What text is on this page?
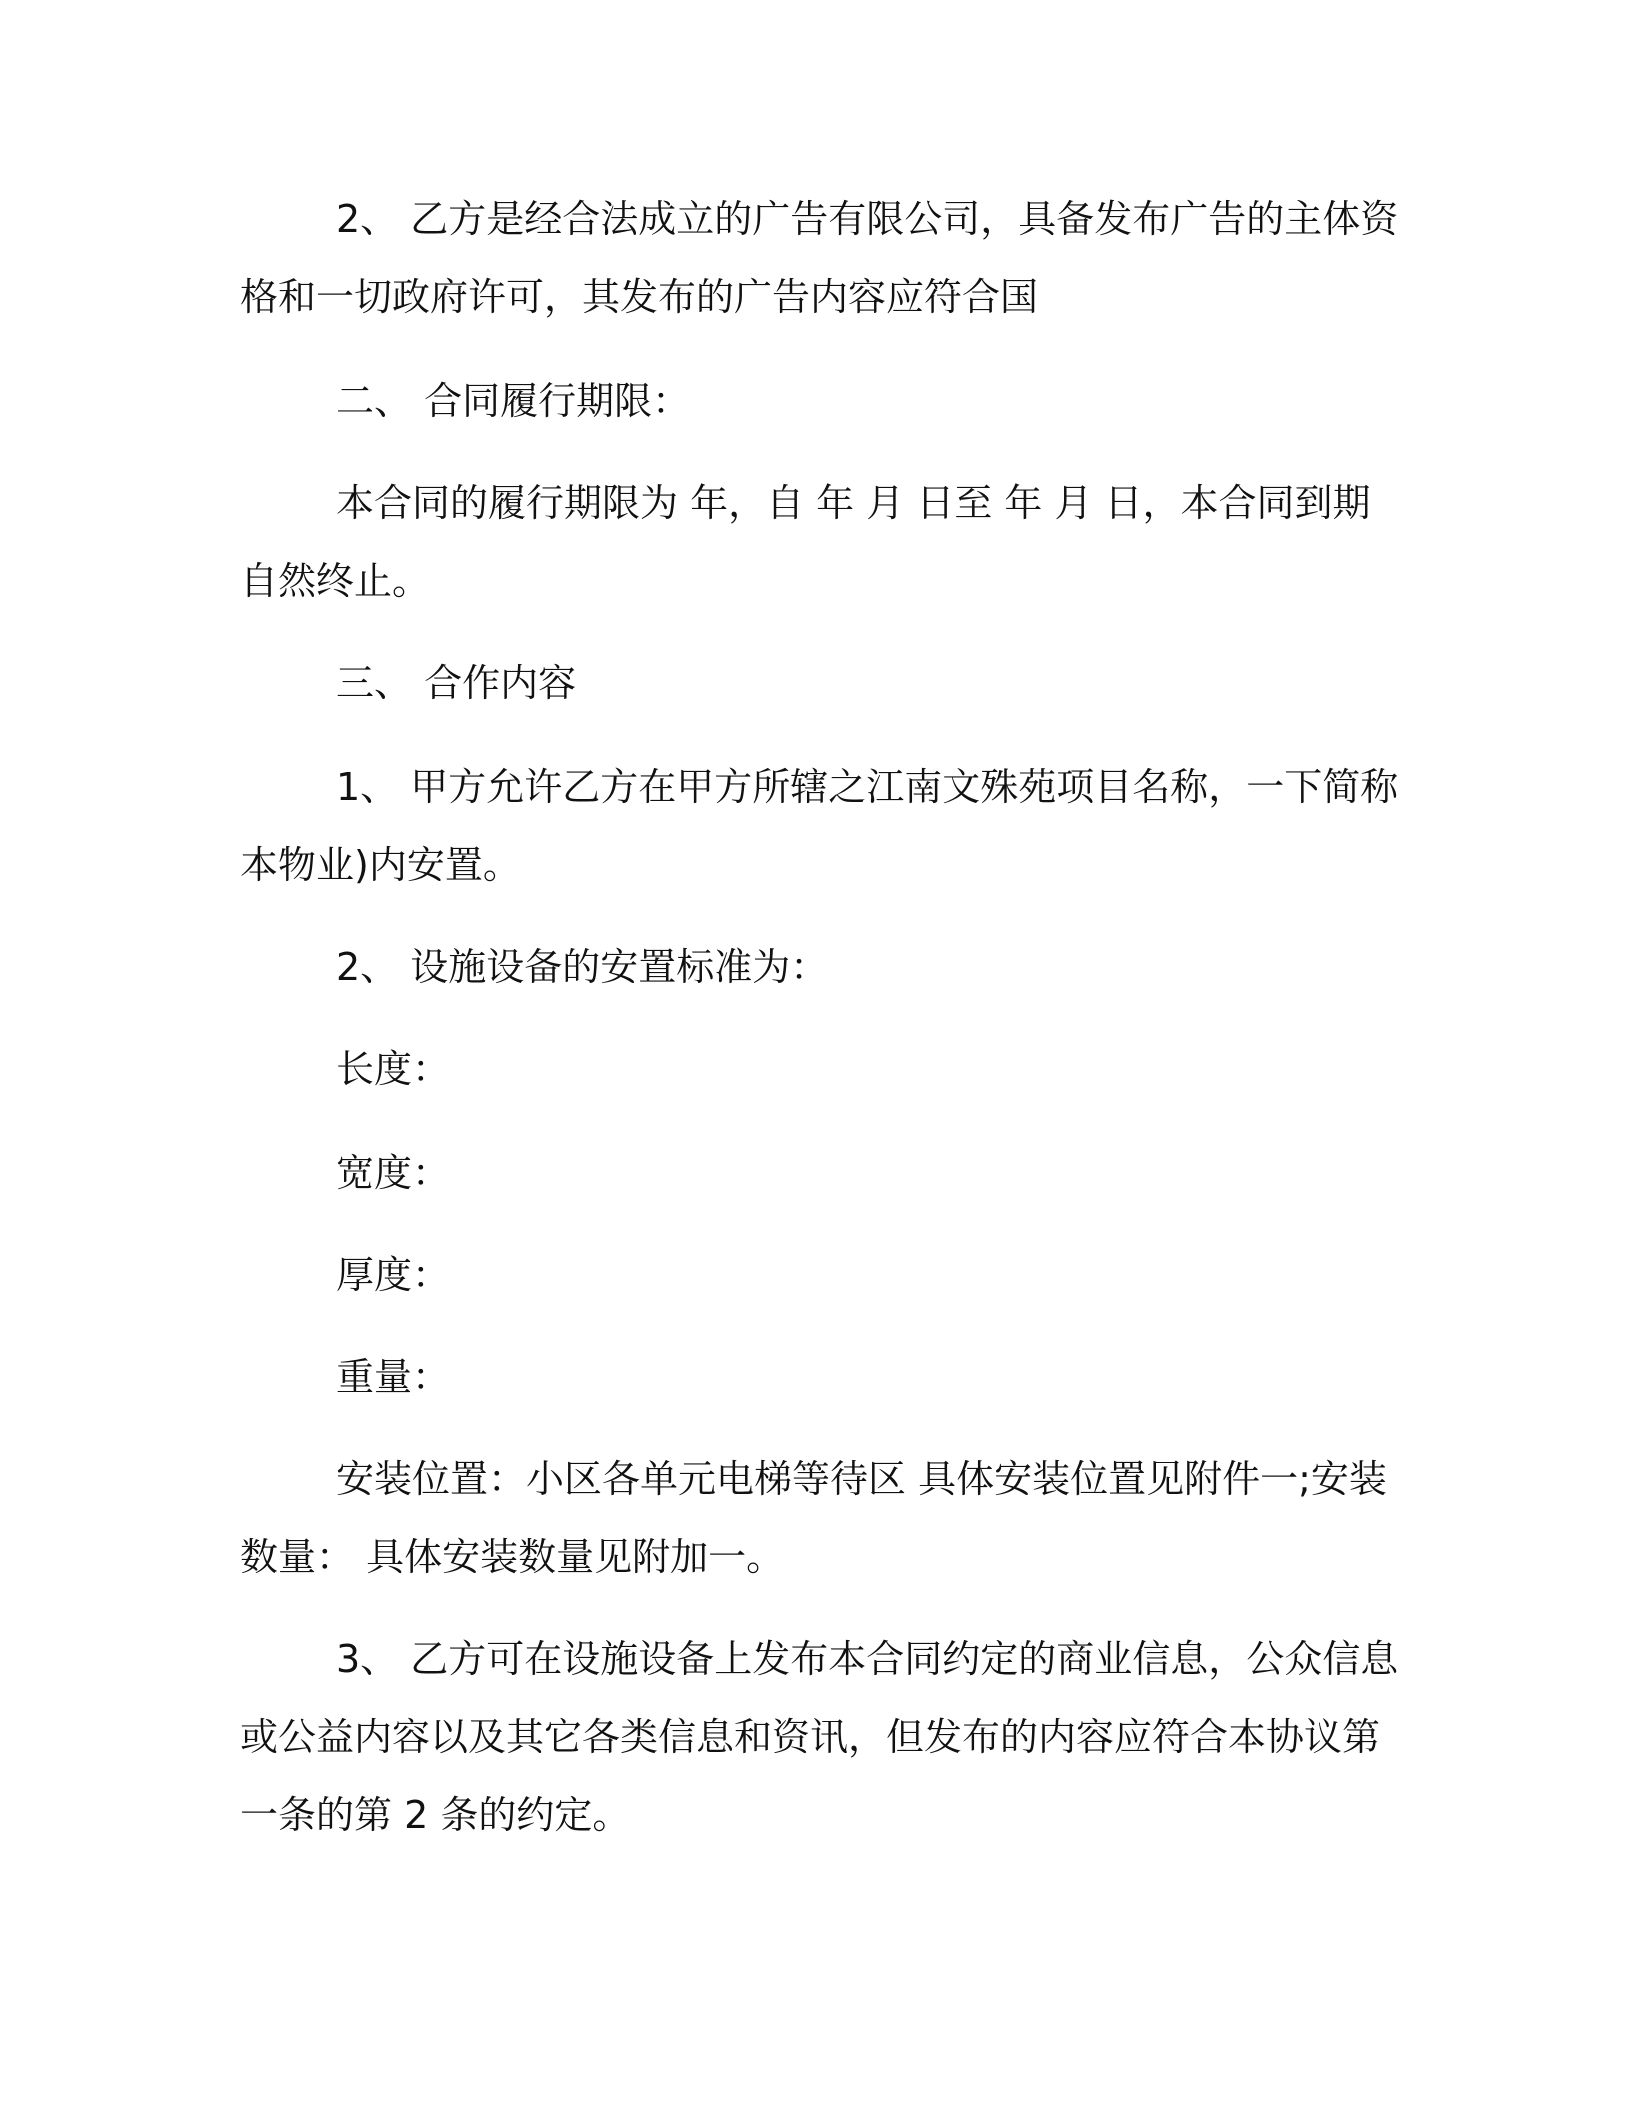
2、 乙方是经合法成立的广告有限公司，具备发布广告的主体资格和一切政府许可，其发布的广告内容应符合国

二、 合同履行期限：

本合同的履行期限为 年，自 年 月 日至 年 月 日，本合同到期自然终止。

三、 合作内容

1、 甲方允许乙方在甲方所辖之江南文殊苑项目名称，一下简称本物业)内安置。

2、 设施设备的安置标准为：

长度：

宽度：

厚度：

重量：

安装位置：小区各单元电梯等待区 具体安装位置见附件一;安装数量： 具体安装数量见附加一。

3、 乙方可在设施设备上发布本合同约定的商业信息，公众信息或公益内容以及其它各类信息和资讯，但发布的内容应符合本协议第一条的第 2 条的约定。
